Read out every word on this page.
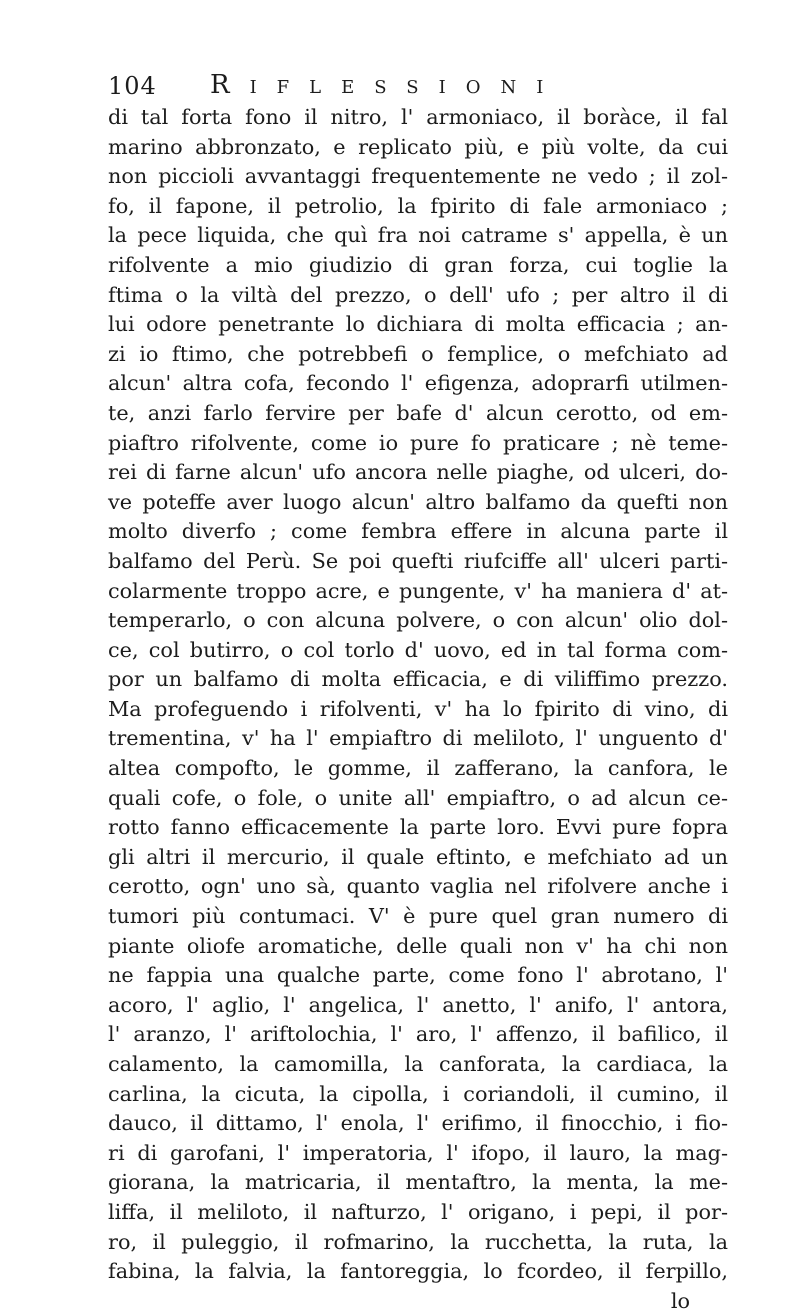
104 Riflessioni
di tal forta fono il nitro, l' armoniaco, il boràce, il fal
marino abbronzato, e replicato più, e più volte, da cui
non piccioli avvantaggi frequentemente ne vedo ; il zol-
fo, il fapone, il petrolio, la fpirito di fale armoniaco ;
la pece liquida, che quì fra noi catrame s' appella, è un
rifolvente a mio giudizio di gran forza, cui toglie la
ftima o la viltà del prezzo, o dell' ufo ; per altro il di
lui odore penetrante lo dichiara di molta efficacia ; an-
zi io ftimo, che potrebbefi o femplice, o mefchiato ad
alcun' altra cofa, fecondo l' efigenza, adoprarfi utilmen-
te, anzi farlo fervire per bafe d' alcun cerotto, od em-
piaftro rifolvente, come io pure fo praticare ; nè teme-
rei di farne alcun' ufo ancora nelle piaghe, od ulceri, do-
ve poteffe aver luogo alcun' altro balfamo da quefti non
molto diverfo ; come fembra effere in alcuna parte il
balfamo del Perù. Se poi quefti riufciffe all' ulceri parti-
colarmente troppo acre, e pungente, v' ha maniera d' at-
temperarlo, o con alcuna polvere, o con alcun' olio dol-
ce, col butirro, o col torlo d' uovo, ed in tal forma com-
por un balfamo di molta efficacia, e di viliffimo prezzo.
Ma profeguendo i rifolventi, v' ha lo fpirito di vino, di
trementina, v' ha l' empiaftro di meliloto, l' unguento d'
altea compofto, le gomme, il zafferano, la canfora, le
quali cofe, o fole, o unite all' empiaftro, o ad alcun ce-
rotto fanno efficacemente la parte loro. Evvi pure fopra
gli altri il mercurio, il quale eftinto, e mefchiato ad un
cerotto, ogn' uno sà, quanto vaglia nel rifolvere anche i
tumori più contumaci. V' è pure quel gran numero di
piante oliofe aromatiche, delle quali non v' ha chi non
ne fappia una qualche parte, come fono l' abrotano, l'
acoro, l' aglio, l' angelica, l' anetto, l' anifo, l' antora,
l' aranzo, l' ariftolochia, l' aro, l' affenzo, il bafilico, il
calamento, la camomilla, la canforata, la cardiaca, la
carlina, la cicuta, la cipolla, i coriandoli, il cumino, il
dauco, il dittamo, l' enola, l' erifimo, il finocchio, i fio-
ri di garofani, l' imperatoria, l' ifopo, il lauro, la mag-
giorana, la matricaria, il mentaftro, la menta, la me-
liffa, il meliloto, il nafturzo, l' origano, i pepi, il por-
ro, il puleggio, il rofmarino, la rucchetta, la ruta, la
fabina, la falvia, la fantoreggia, lo fcordeo, il ferpillo,
lo
